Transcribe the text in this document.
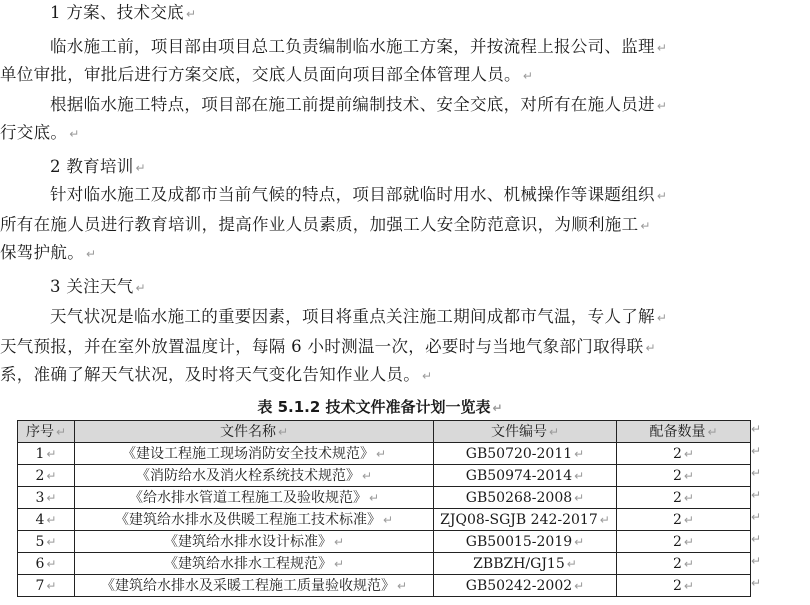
1 方案、技术交底 ↵
临水施工前，项目部由项目总工负责编制临水施工方案，并按流程上报公司、监理 ↵
单位审批，审批后进行方案交底，交底人员面向项目部全体管理人员。 ↵
根据临水施工特点，项目部在施工前提前编制技术、安全交底，对所有在施人员进 ↵
行交底。 ↵
2 教育培训 ↵
针对临水施工及成都市当前气候的特点，项目部就临时用水、机械操作等课题组织 ↵
所有在施人员进行教育培训，提高作业人员素质，加强工人安全防范意识，为顺利施工 ↵
保驾护航。 ↵
3 关注天气 ↵
天气状况是临水施工的重要因素，项目将重点关注施工期间成都市气温，专人了解 ↵
天气预报，并在室外放置温度计，每隔 6 小时测温一次，必要时与当地气象部门取得联 ↵
系，准确了解天气状况，及时将天气变化告知作业人员。 ↵
表 5.1.2 技术文件准备计划一览表 ↵
序号 ↵	文件名称 ↵	文件编号 ↵	配备数量 ↵
1 ↵	《建设工程施工现场消防安全技术规范》 ↵	GB50720-2011 ↵	2 ↵
2 ↵	《消防给水及消火栓系统技术规范》 ↵	GB50974-2014 ↵	2 ↵
3 ↵	《给水排水管道工程施工及验收规范》 ↵	GB50268-2008 ↵	2 ↵
4 ↵	《建筑给水排水及供暖工程施工技术标准》 ↵	ZJQ08-SGJB 242-2017 ↵	2 ↵
5 ↵	《建筑给水排水设计标准》 ↵	GB50015-2019 ↵	2 ↵
6 ↵	《建筑给水排水工程规范》 ↵	ZBBZH/GJ15 ↵	2 ↵
7 ↵	《建筑给水排水及采暖工程施工质量验收规范》 ↵	GB50242-2002 ↵	2 ↵
↵
↵
↵
↵
↵
↵
↵
↵
